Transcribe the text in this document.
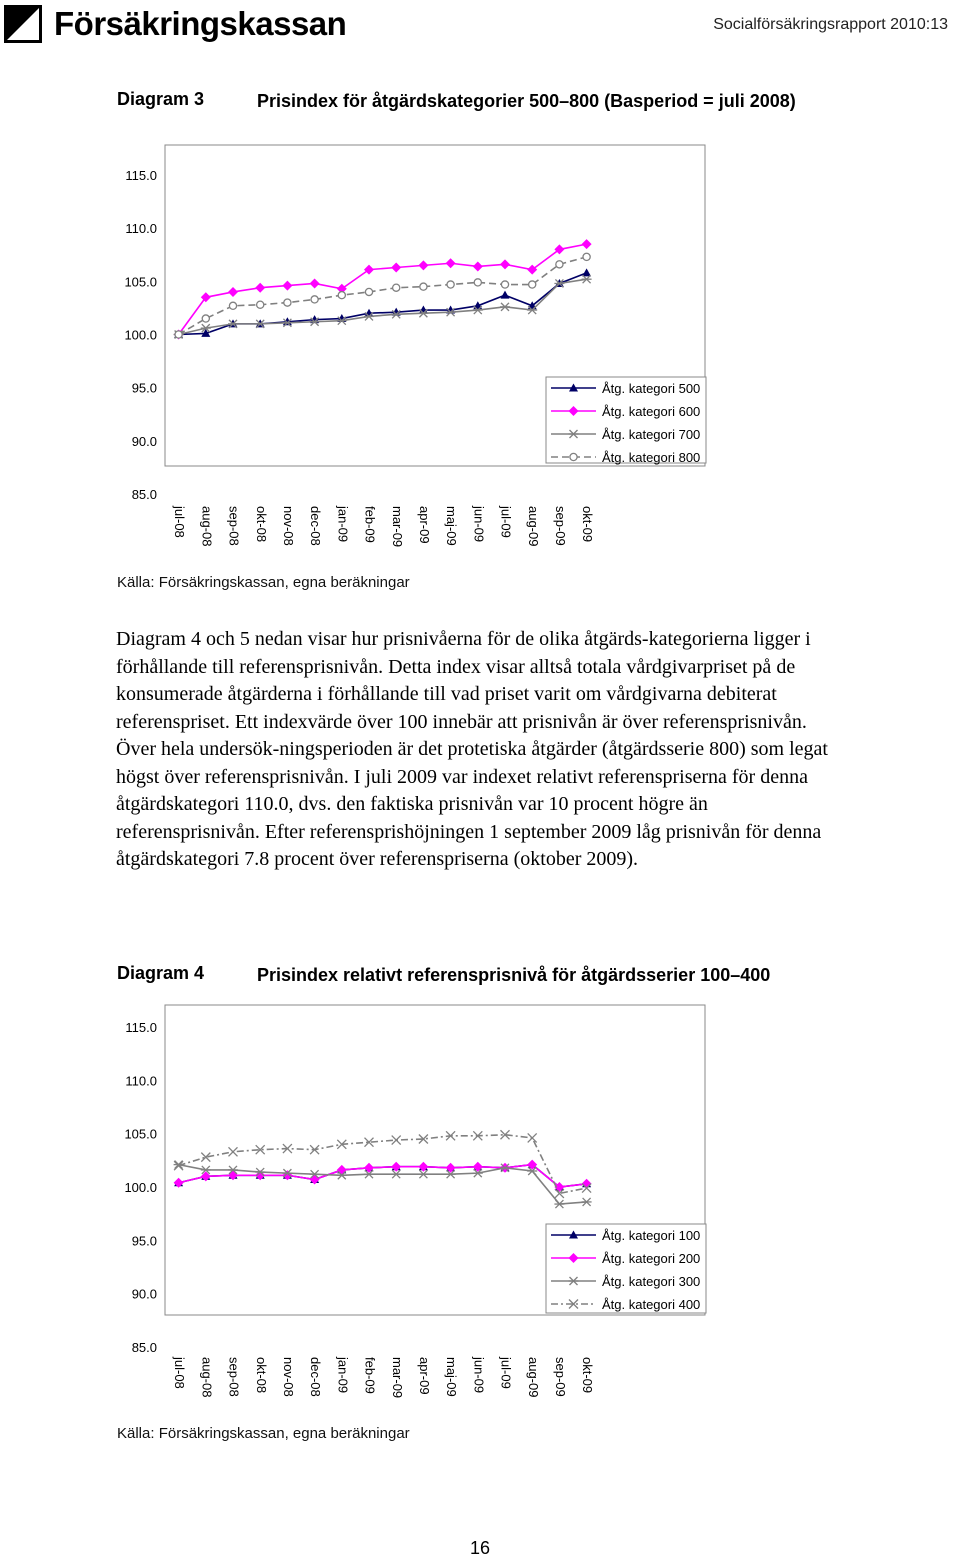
Försäkringskassan	Socialförsäkringsrapport 2010:13
Diagram 3	Prisindex för åtgärdskategorier 500–800 (Basperiod = juli 2008)
85.0
90.0
95.0
100.0
105.0
110.0
115.0
jul-08 aug-08 sep-08 okt-08 nov-08 dec-08 jan-09 feb-09 mar-09 apr-09 maj-09 jun-09 jul-09 aug-09 sep-09 okt-09
Åtg. kategori 500
Åtg. kategori 600
Åtg. kategori 700
Åtg. kategori 800
Källa: Försäkringskassan, egna beräkningar

Diagram 4 och 5 nedan visar hur prisnivåerna för de olika åtgärds-kategorierna ligger i förhållande till referensprisnivån. Detta index visar alltså totala vårdgivarpriset på de konsumerade åtgärderna i förhållande till vad priset varit om vårdgivarna debiterat referenspriset. Ett indexvärde över 100 innebär att prisnivån är över referensprisnivån. Över hela undersök-ningsperioden är det protetiska åtgärder (åtgärdsserie 800) som legat högst över referensprisnivån. I juli 2009 var indexet relativt referenspriserna för denna åtgärdskategori 110.0, dvs. den faktiska prisnivån var 10 procent högre än referensprisnivån. Efter referensprishöjningen 1 september 2009 låg prisnivån för denna åtgärdskategori 7.8 procent över referenspriserna (oktober 2009).

Diagram 4	Prisindex relativt referensprisnivå för åtgärdsserier 100–400
85.0
90.0
95.0
100.0
105.0
110.0
115.0
jul-08 aug-08 sep-08 okt-08 nov-08 dec-08 jan-09 feb-09 mar-09 apr-09 maj-09 jun-09 jul-09 aug-09 sep-09 okt-09
Åtg. kategori 100
Åtg. kategori 200
Åtg. kategori 300
Åtg. kategori 400
Källa: Försäkringskassan, egna beräkningar
16
